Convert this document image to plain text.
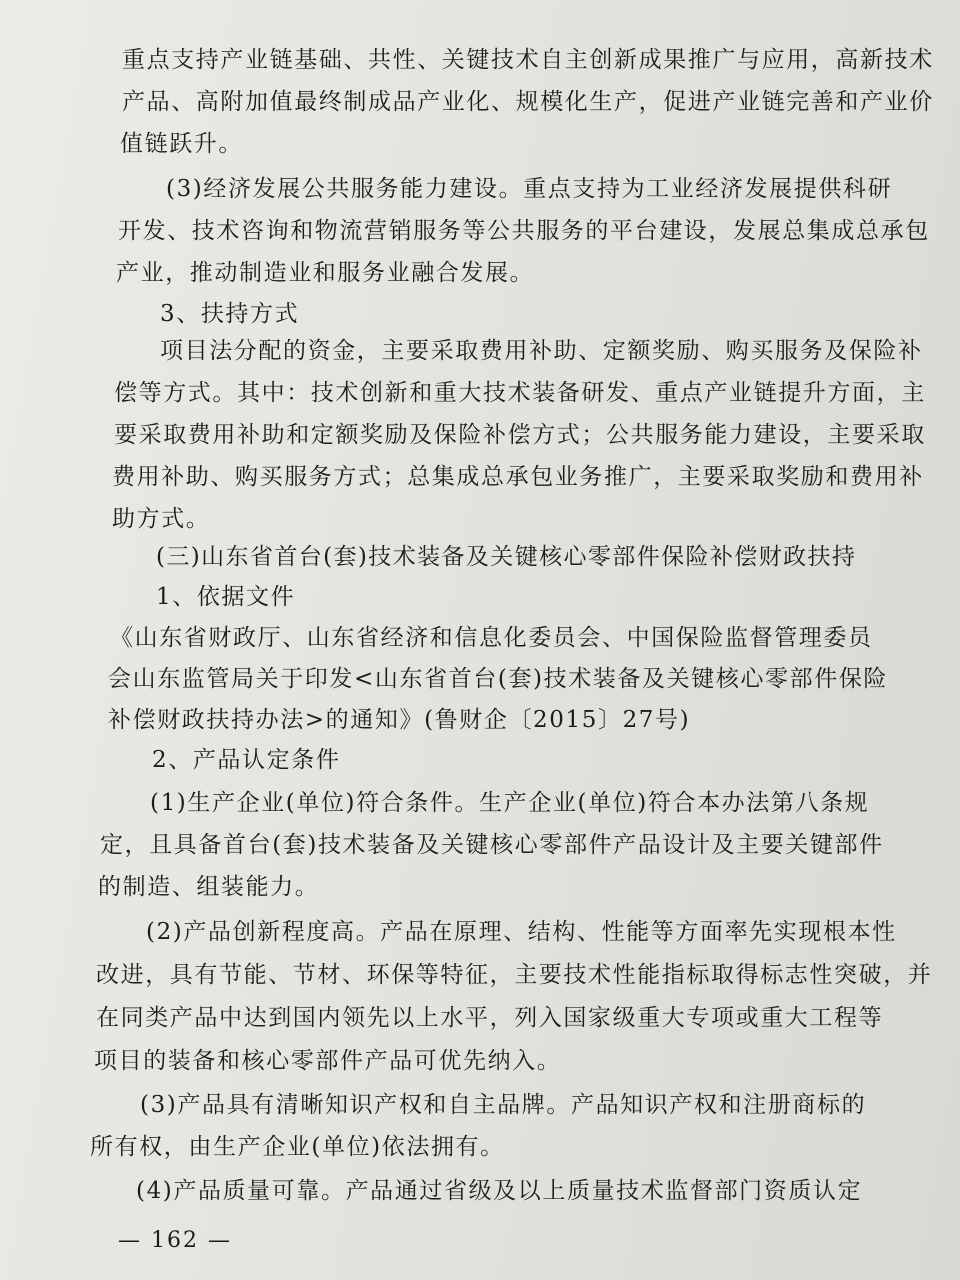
重点支持产业链基础、共性、关键技术自主创新成果推广与应用，高新技术
产品、高附加值最终制成品产业化、规模化生产，促进产业链完善和产业价
值链跃升。
(3)经济发展公共服务能力建设。重点支持为工业经济发展提供科研
开发、技术咨询和物流营销服务等公共服务的平台建设，发展总集成总承包
产业，推动制造业和服务业融合发展。
3、扶持方式
项目法分配的资金，主要采取费用补助、定额奖励、购买服务及保险补
偿等方式。其中：技术创新和重大技术装备研发、重点产业链提升方面，主
要采取费用补助和定额奖励及保险补偿方式；公共服务能力建设，主要采取
费用补助、购买服务方式；总集成总承包业务推广，主要采取奖励和费用补
助方式。
(三)山东省首台(套)技术装备及关键核心零部件保险补偿财政扶持
1、依据文件
《山东省财政厅、山东省经济和信息化委员会、中国保险监督管理委员
会山东监管局关于印发<山东省首台(套)技术装备及关键核心零部件保险
补偿财政扶持办法>的通知》(鲁财企〔2015〕27号)
2、产品认定条件
(1)生产企业(单位)符合条件。生产企业(单位)符合本办法第八条规
定，且具备首台(套)技术装备及关键核心零部件产品设计及主要关键部件
的制造、组装能力。
(2)产品创新程度高。产品在原理、结构、性能等方面率先实现根本性
改进，具有节能、节材、环保等特征，主要技术性能指标取得标志性突破，并
在同类产品中达到国内领先以上水平，列入国家级重大专项或重大工程等
项目的装备和核心零部件产品可优先纳入。
(3)产品具有清晰知识产权和自主品牌。产品知识产权和注册商标的
所有权，由生产企业(单位)依法拥有。
(4)产品质量可靠。产品通过省级及以上质量技术监督部门资质认定
— 162 —
